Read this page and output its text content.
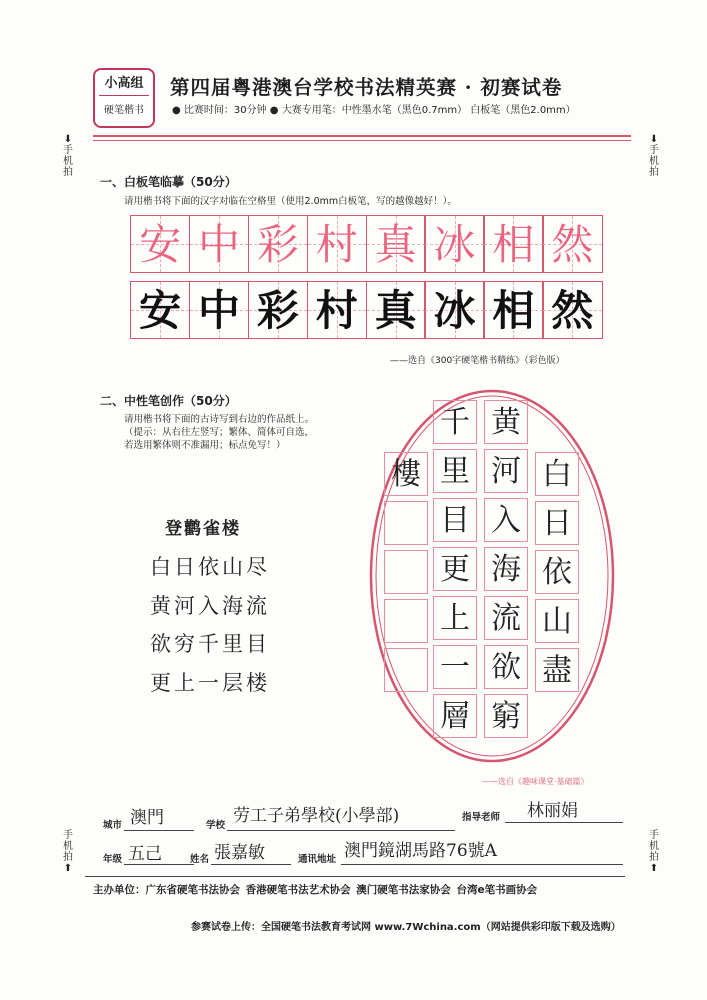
小高组
硬笔楷书
第四届粤港澳台学校书法精英赛 · 初赛试卷
● 比赛时间：30分钟 ● 大赛专用笔：中性墨水笔（黑色0.7mm） 白板笔（黑色2.0mm）
⬇
手机拍
⬇
手机拍
手机拍
⬆
手机拍
⬆
一、白板笔临摹（50分）
请用楷书将下面的汉字对临在空格里（使用2.0mm白板笔，写的越像越好！）。
安 中 彩 村 真 冰 相 然
安 中 彩 村 真 冰 相 然
——选自《300字硬笔楷书精练》（彩色版）
二、中性笔创作（50分）
请用楷书将下面的古诗写到右边的作品纸上。
（提示：从右往左竖写；繁体、简体可自选，
若选用繁体则不准漏用；标点免写！）
登鹳雀楼
白日依山尽
黄河入海流
欲穷千里目
更上一层楼
白
日
依
山
盡
黄
河
入
海
流
欲
窮
千
里
目
更
上
一
層
樓
——选自《趣味课堂·基础篇》
城市 澳門	学校 劳工子弟學校(小學部)	指导老师 林丽娟
年级 五己	姓名 張嘉敏	通讯地址 澳門鏡湖馬路76號A
主办单位：广东省硬笔书法协会 香港硬笔书法艺术协会 澳门硬笔书法家协会 台湾e笔书画协会
参赛试卷上传：全国硬笔书法教育考试网 www.7Wchina.com（网站提供彩印版下载及选购）
